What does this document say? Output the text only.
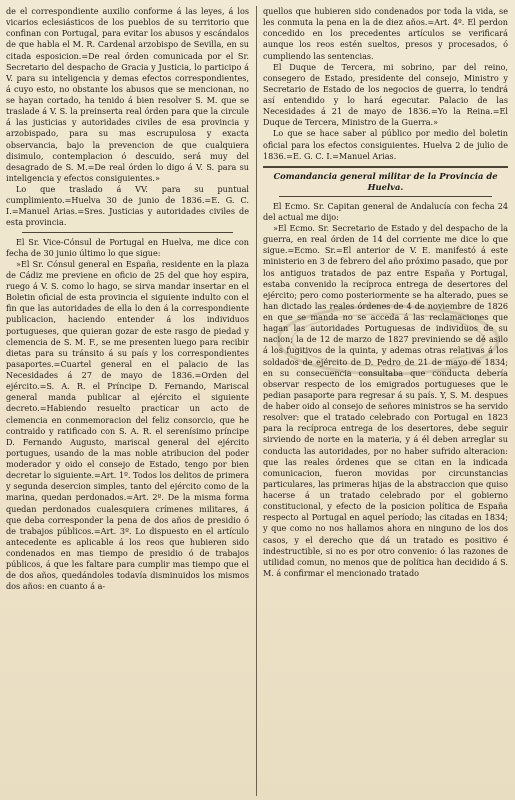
de el correspondiente auxilio conforme á las leyes, á los vicarios eclesiásticos de los pueblos de su territorio que confinan con Portugal, para evitar los abusos y escándalos de que habla el M. R. Cardenal arzobispo de Sevilla, en su citada esposicion.=De real órden comunicada por el Sr. Secretario del despacho de Gracia y Justicia, lo participo á V. para su inteligencia y demas efectos correspondientes, á cuyo esto, no obstante los abusos que se mencionan, no se hayan cortado, ha tenido á bien resolver S. M. que se traslade á V. S. la preinserta real órden para que la circule á las justicias y autoridades civiles de esa provincia y arzobispado, para su mas escrupulosa y exacta observancia, bajo la prevencion de que cualquiera disimulo, contemplacion ó descuido, será muy del desagrado de S. M.=De real órden lo digo á V. S. para su inteligencia y efectos consiguientes.»

Lo que traslado á VV. para su puntual cumplimiento.=Huelva 30 de junio de 1836.=E. G. C. I.=Manuel Arias.=Sres. Justicias y autoridades civiles de esta provincia.

El Sr. Vice-Cónsul de Portugal en Huelva, me dice con fecha de 30 junio último lo que sigue:

»El Sr. Cónsul general en España, residente en la plaza de Cádiz me previene en oficio de 25 del que hoy espira, ruego á V. S. como lo hago, se sirva mandar insertar en el Boletin oficial de esta provincia el siguiente indulto con el fin que las autoridades de ella lo den á la correspondiente publicacion, haciendo entender á los individuos portugueses, que quieran gozar de este rasgo de piedad y clemencia de S. M. F., se me presenten luego para recibir dietas para su tránsito á su país y los correspondientes pasaportes.=Cuartel general en el palacio de las Necesidades á 27 de mayo de 1836.=Orden del ejército.=S. A. R. el Príncipe D. Fernando, Mariscal general manda publicar al ejército el siguiente decreto.=Habiendo resuelto practicar un acto de clemencia en conmemoracion del feliz consorcio, que he contraido y ratificado con S. A. R. el serenísimo príncipe D. Fernando Augusto, mariscal general del ejército portugues, usando de la mas noble atribucion del poder moderador y oido el consejo de Estado, tengo por bien decretar lo siguiente.=Art. 1º. Todos los delitos de primera y segunda desercion simples, tanto del ejército como de la marina, quedan perdonados.=Art. 2º. De la misma forma quedan perdonados cualesquiera crímenes militares, á que deba corresponder la pena de dos años de presidio ó de trabajos públicos.=Art. 3º. Lo dispuesto en el artículo antecedente es aplicable á los reos que hubieren sido condenados en mas tiempo de presidio ó de trabajos públicos, á que les faltare para cumplir mas tiempo que el de dos años, quedándoles todavía disminuidos los mismos dos años: en cuanto á a-

quellos que hubieren sido condenados por toda la vida, se les conmuta la pena en la de diez años.=Art. 4º. El perdon concedido en los precedentes artículos se verificará aunque los reos estén sueltos, presos y procesados, ó cumpliendo las sentencias.

El Duque de Tercera, mi sobrino, par del reino, consegero de Estado, presidente del consejo, Ministro y Secretario de Estado de los negocios de guerra, lo tendrá así entendido y lo hará egecutar. Palacio de las Necesidades á 21 de mayo de 1836.=Yo la Reina.=El Duque de Tercera, Ministro de la Guerra.»

Lo que se hace saber al público por medio del boletin oficial para los efectos consiguientes. Huelva 2 de julio de 1836.=E. G. C. I.=Manuel Arias.

Comandancia general militar de la Provincia de Huelva.

El Ecmo. Sr. Capitan general de Andalucía con fecha 24 del actual me dijo:

»El Ecmo. Sr. Secretario de Estado y del despacho de la guerra, en real órden de 14 del corriente me dice lo que sigue.=Ecmo. Sr.=El anterior de V. E. manifestó á este ministerio en 3 de febrero del año próximo pasado, que por los antiguos tratados de paz entre España y Portugal, estaba convenido la recíproca entrega de desertores del ejército; pero como posteriormente se ha alterado, pues se han dictado las reales órdenes de 4 de noviembre de 1826 en que se manda no se acceda á las reclamaciones que hagan las autoridades Portuguesas de individuos de su nacion; la de 12 de marzo de 1827 previniendo se dé asilo á los fugitivos de la quinta, y ademas otras relativas á los soldados de ejército de D. Pedro de 21 de mayo de 1834; en su consecuencia consultaba que conducta debería observar respecto de los emigrados portugueses que le pedian pasaporte para regresar á su país. Y, S. M. despues de haber oido al consejo de señores ministros se ha servido resolver: que el tratado celebrado con Portugal en 1823 para la recíproca entrega de los desertores, debe seguir sirviendo de norte en la materia, y á él deben arreglar su conducta las autoridades, por no haber sufrido alteracion: que las reales órdenes que se citan en la indicada comunicacion, fueron movidas por circunstancias particulares, las primeras hijas de la abstraccion que quiso hacerse á un tratado celebrado por el gobierno constitucional, y efecto de la posicion política de España respecto al Portugal en aquel período; las citadas en 1834; y que como no nos hallamos ahora en ninguno de los dos casos, y el derecho que dá un tratado es positivo é indestructible, si no es por otro convenio: ó las razones de utilidad comun, no menos que de política han decidido á S. M. á confirmar el mencionado tratado
